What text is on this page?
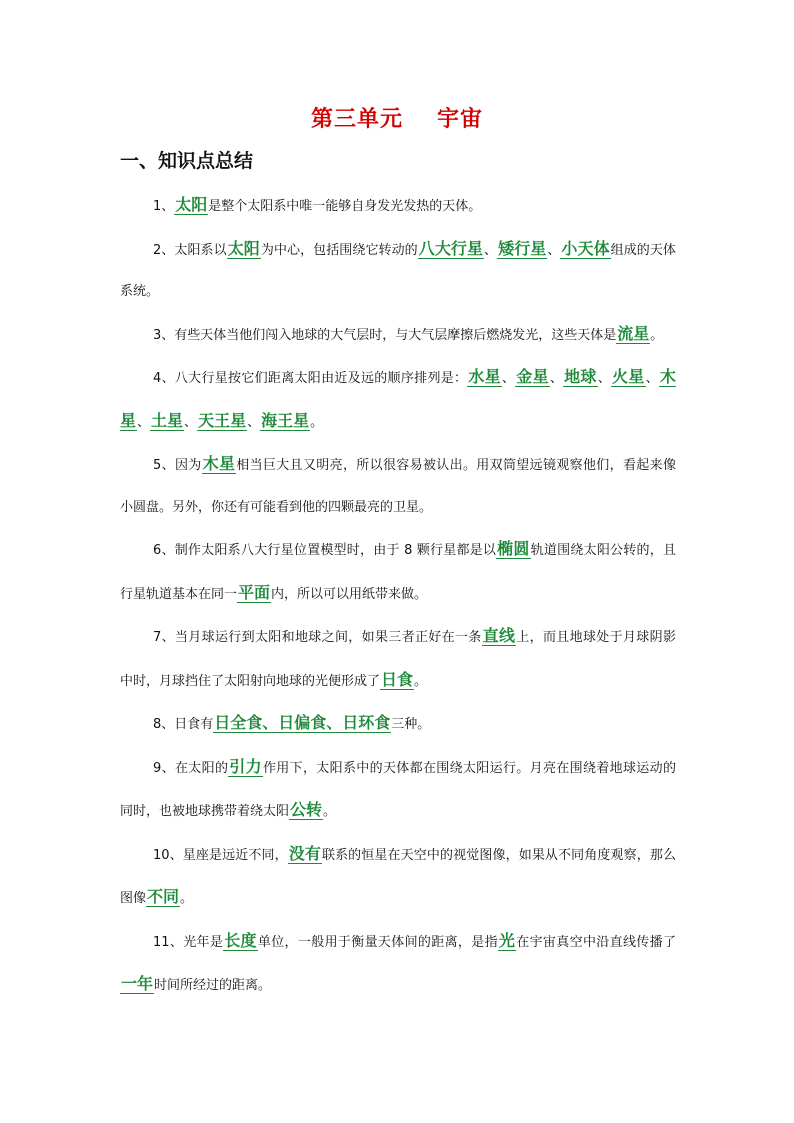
第三单元 宇宙
一、知识点总结

1、太阳是整个太阳系中唯一能够自身发光发热的天体。

2、太阳系以太阳为中心，包括围绕它转动的八大行星、矮行星、小天体组成的天体系统。

3、有些天体当他们闯入地球的大气层时，与大气层摩擦后燃烧发光，这些天体是流星。

4、八大行星按它们距离太阳由近及远的顺序排列是：水星、金星、地球、火星、木星、土星、天王星、海王星。

5、因为木星相当巨大且又明亮，所以很容易被认出。用双筒望远镜观察他们，看起来像小圆盘。另外，你还有可能看到他的四颗最亮的卫星。

6、制作太阳系八大行星位置模型时，由于 8 颗行星都是以椭圆轨道围绕太阳公转的，且行星轨道基本在同一平面内，所以可以用纸带来做。

7、当月球运行到太阳和地球之间，如果三者正好在一条直线上，而且地球处于月球阴影中时，月球挡住了太阳射向地球的光便形成了日食。

8、日食有日全食、日偏食、日环食三种。

9、在太阳的引力作用下，太阳系中的天体都在围绕太阳运行。月亮在围绕着地球运动的同时，也被地球携带着绕太阳公转。

10、星座是远近不同，没有联系的恒星在天空中的视觉图像，如果从不同角度观察，那么图像不同。

11、光年是长度单位，一般用于衡量天体间的距离，是指光在宇宙真空中沿直线传播了一年时间所经过的距离。
